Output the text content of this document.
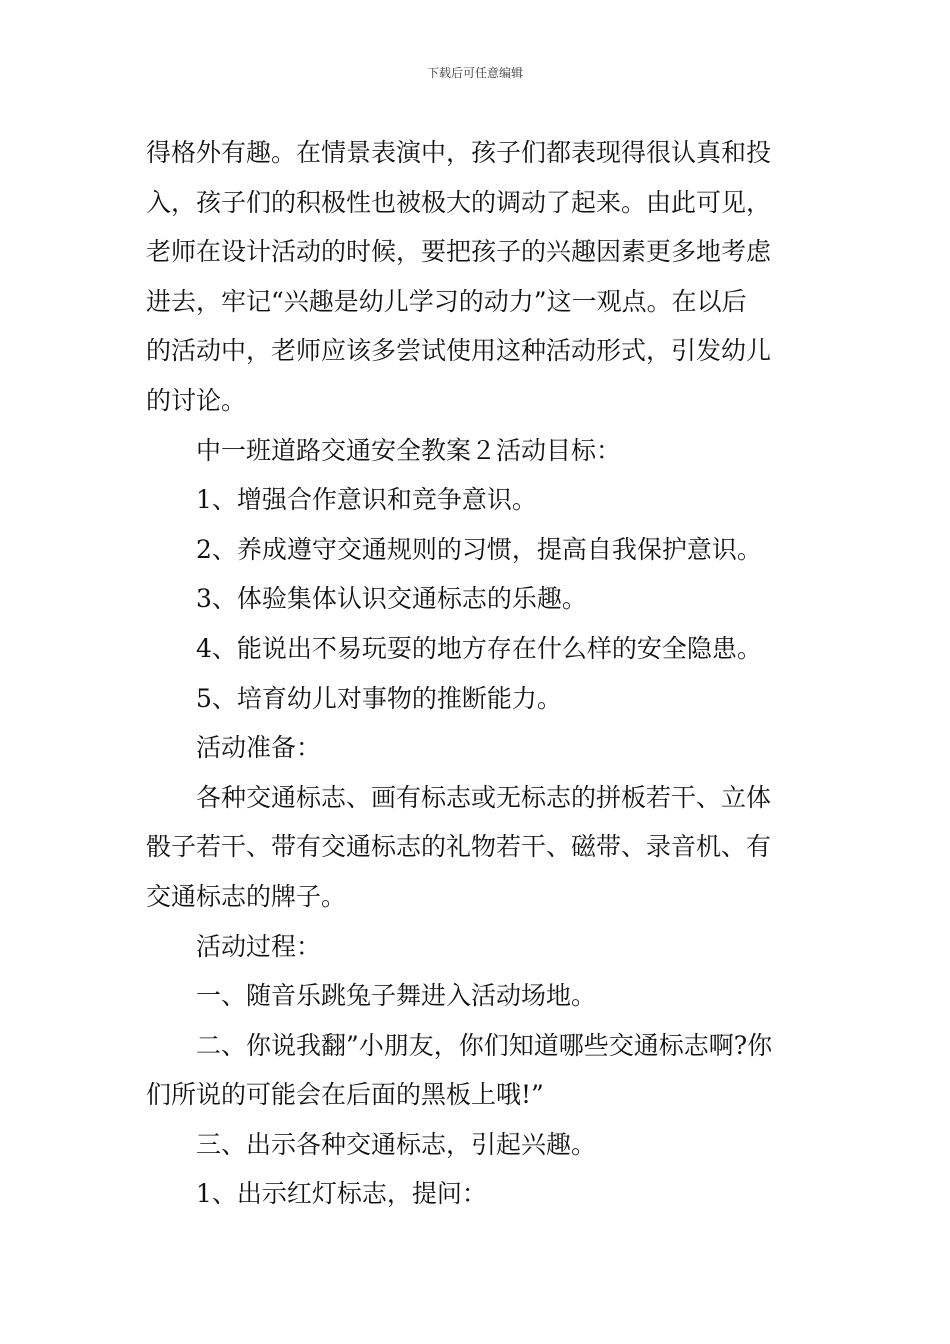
下载后可任意编辑

得格外有趣。在情景表演中，孩子们都表现得很认真和投

入，孩子们的积极性也被极大的调动了起来。由此可见，

老师在设计活动的时候，要把孩子的兴趣因素更多地考虑

进去，牢记“兴趣是幼儿学习的动力”这一观点。在以后

的活动中，老师应该多尝试使用这种活动形式，引发幼儿

的讨论。

中一班道路交通安全教案２活动目标：

1、增强合作意识和竞争意识。

2、养成遵守交通规则的习惯，提高自我保护意识。

3、体验集体认识交通标志的乐趣。

4、能说出不易玩耍的地方存在什么样的安全隐患。

5、培育幼儿对事物的推断能力。

活动准备：

各种交通标志、画有标志或无标志的拼板若干、立体

骰子若干、带有交通标志的礼物若干、磁带、录音机、有

交通标志的牌子。

活动过程：

一、随音乐跳兔子舞进入活动场地。

二、你说我翻”小朋友，你们知道哪些交通标志啊?你

们所说的可能会在后面的黑板上哦!”

三、出示各种交通标志，引起兴趣。

1、出示红灯标志，提问：
